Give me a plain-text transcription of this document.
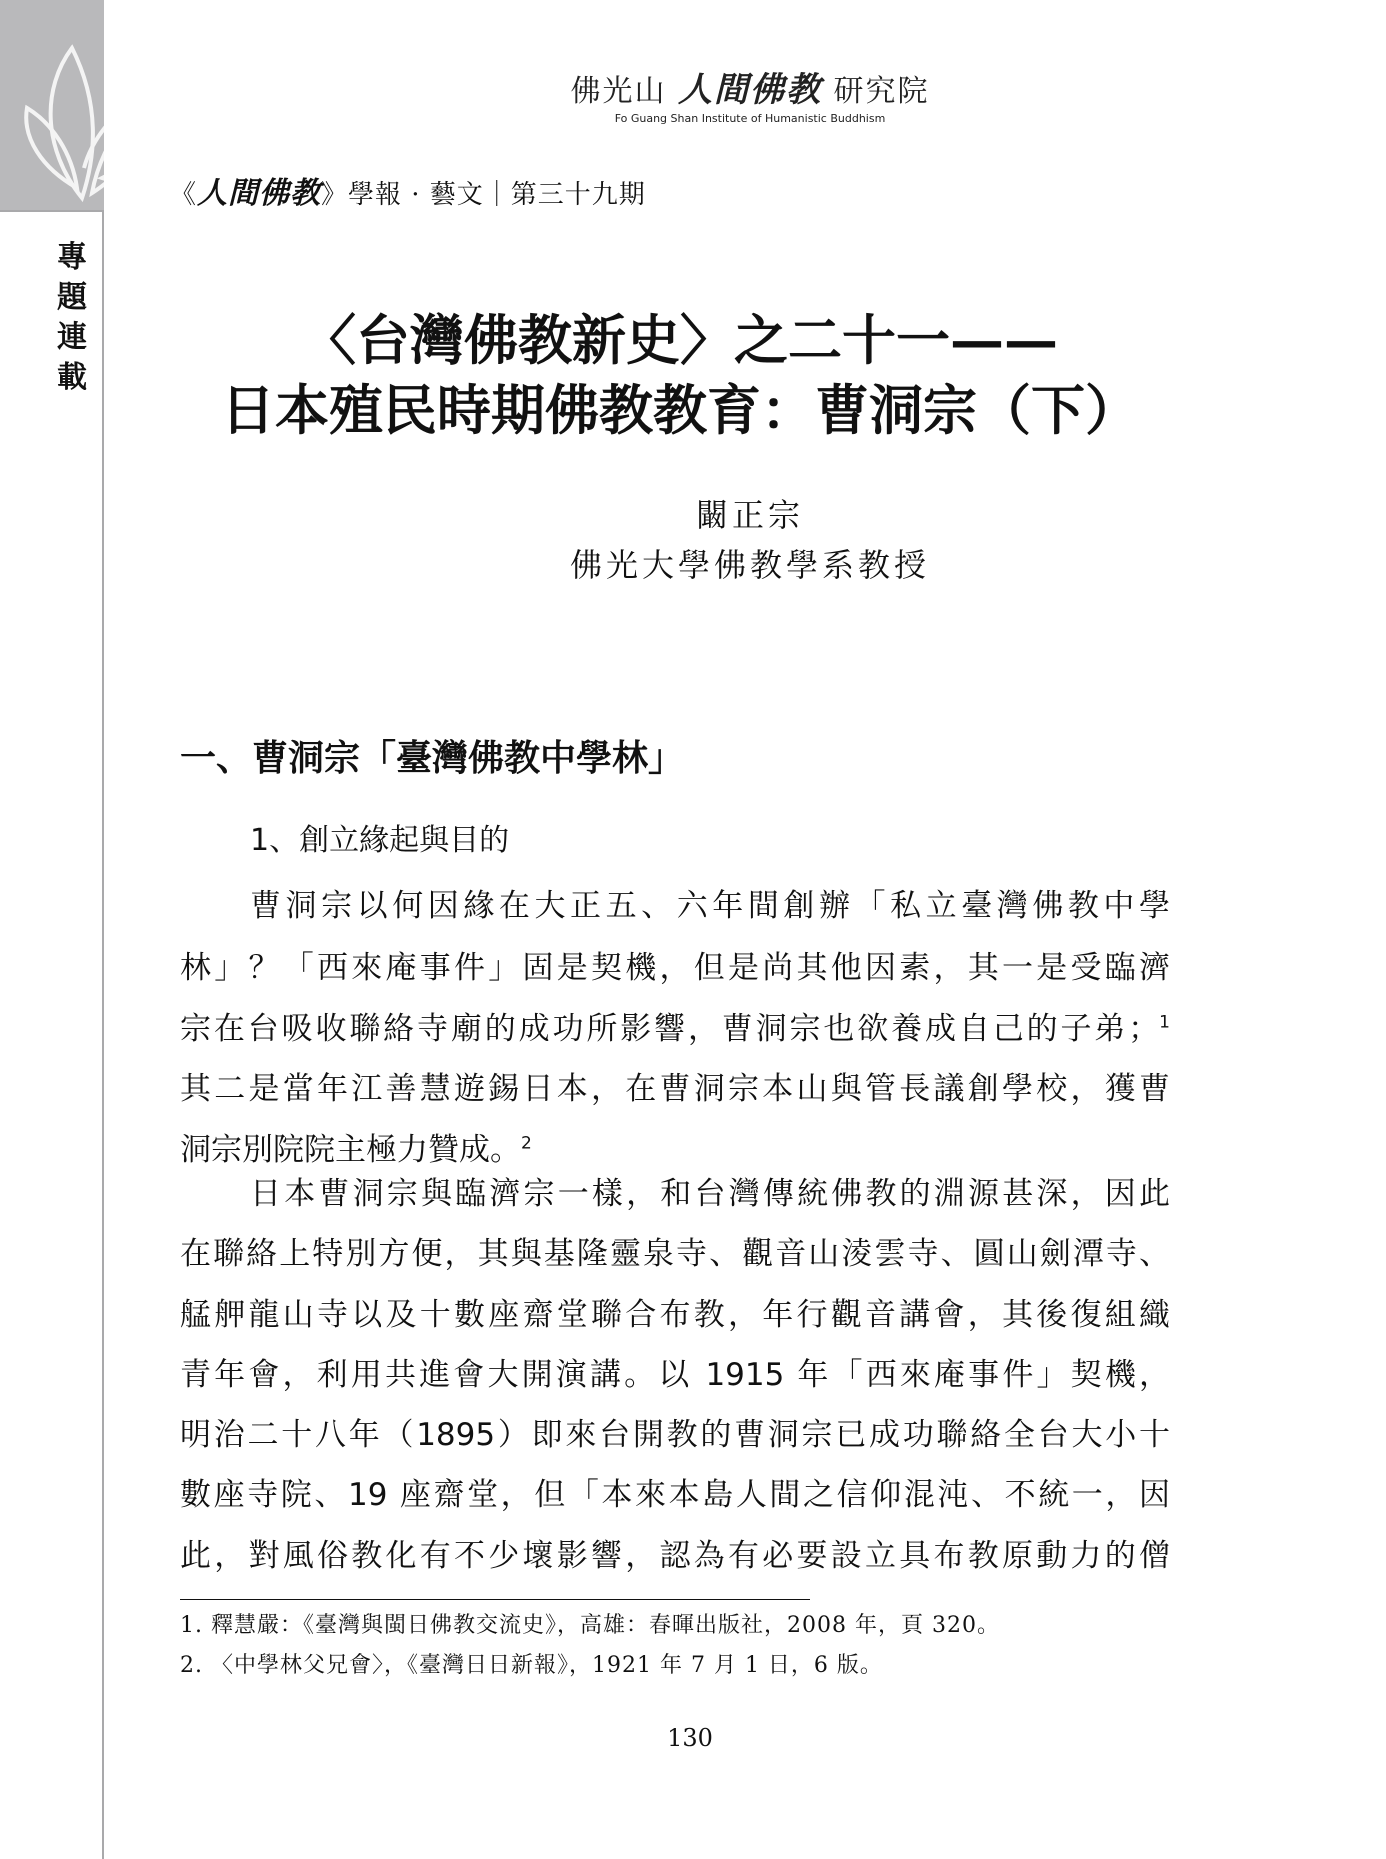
專題連載
佛光山 人間佛教 研究院
Fo Guang Shan Institute of Humanistic Buddhism
《人間佛教》學報 · 藝文｜第三十九期
〈台灣佛教新史〉之二十一——
日本殖民時期佛教教育：曹洞宗（下）
闞正宗
佛光大學佛教學系教授
一、曹洞宗「臺灣佛教中學林」
1、創立緣起與目的
曹洞宗以何因緣在大正五、六年間創辦「私立臺灣佛教中學
林」？「西來庵事件」固是契機，但是尚其他因素，其一是受臨濟
宗在台吸收聯絡寺廟的成功所影響，曹洞宗也欲養成自己的子弟；$^1$
其二是當年江善慧遊錫日本，在曹洞宗本山與管長議創學校，獲曹
洞宗別院院主極力贊成。$^2$
日本曹洞宗與臨濟宗一樣，和台灣傳統佛教的淵源甚深，因此
在聯絡上特別方便，其與基隆靈泉寺、觀音山淩雲寺、圓山劍潭寺、
艋舺龍山寺以及十數座齋堂聯合布教，年行觀音講會，其後復組織
青年會，利用共進會大開演講。以 1915 年「西來庵事件」契機，
明治二十八年（1895）即來台開教的曹洞宗已成功聯絡全台大小十
數座寺院、19 座齋堂，但「本來本島人間之信仰混沌、不統一，因
此，對風俗教化有不少壞影響，認為有必要設立具布教原動力的僧
1. 釋慧嚴：《臺灣與閩日佛教交流史》，高雄：春暉出版社，2008 年，頁 320。
2. 〈中學林父兄會〉，《臺灣日日新報》，1921 年 7 月 1 日，6 版。
130
